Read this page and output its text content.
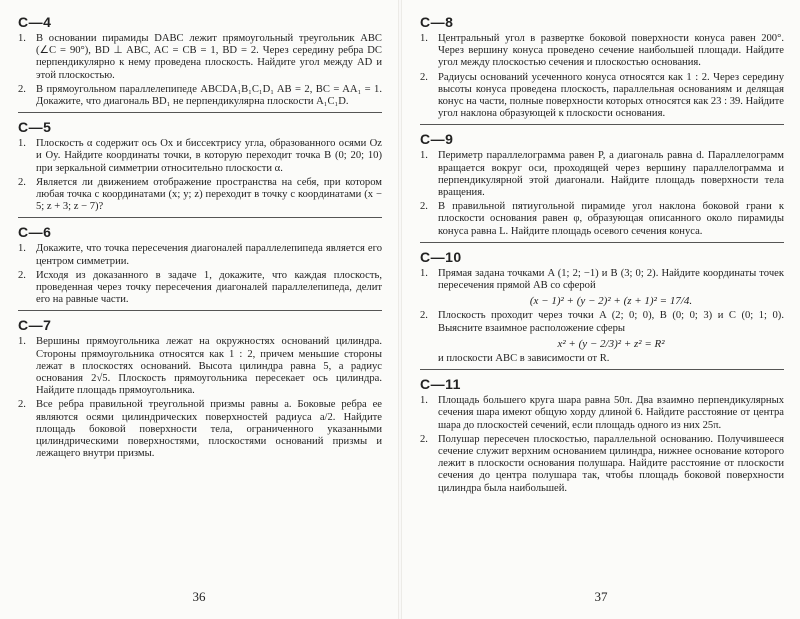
С—4
1. В основании пирамиды DABC лежит прямоугольный треугольник ABC (∠C = 90°), BD ⊥ ABC, AC = CB = 1, BD = 2. Через середину ребра DC перпендикулярно к нему проведена плоскость. Найдите угол между AD и этой плоскостью.
2. В прямоугольном параллелепипеде ABCDA₁B₁C₁D₁ AB = 2, BC = AA₁ = 1. Докажите, что диагональ BD₁ не перпендикулярна плоскости A₁C₁D.
С—5
1. Плоскость α содержит ось Ox и биссектрису угла, образованного осями Oz и Oy. Найдите координаты точки, в которую переходит точка B (0; 20; 10) при зеркальной симметрии относительно плоскости α.
2. Является ли движением отображение пространства на себя, при котором любая точка с координатами (x; y; z) переходит в точку с координатами (x − 5; z + 3; z − 7)?
С—6
1. Докажите, что точка пересечения диагоналей параллелепипеда является его центром симметрии.
2. Исходя из доказанного в задаче 1, докажите, что каждая плоскость, проведенная через точку пересечения диагоналей параллелепипеда, делит его на равные части.
С—7
1. Вершины прямоугольника лежат на окружностях оснований цилиндра. Стороны прямоугольника относятся как 1 : 2, причем меньшие стороны лежат в плоскостях оснований. Высота цилиндра равна 5, а радиус основания 2√5. Плоскость прямоугольника пересекает ось цилиндра. Найдите площадь прямоугольника.
2. Все ребра правильной треугольной призмы равны a. Боковые ребра ее являются осями цилиндрических поверхностей радиуса a/2. Найдите площадь боковой поверхности тела, ограниченного указанными цилиндрическими поверхностями, плоскостями оснований призмы и лежащего внутри призмы.
36
С—8
1. Центральный угол в развертке боковой поверхности конуса равен 200°. Через вершину конуса проведено сечение наибольшей площади. Найдите угол между плоскостью сечения и плоскостью основания.
2. Радиусы оснований усеченного конуса относятся как 1 : 2. Через середину высоты конуса проведена плоскость, параллельная основаниям и делящая конус на части, полные поверхности которых относятся как 23 : 39. Найдите угол наклона образующей к плоскости основания.
С—9
1. Периметр параллелограмма равен P, а диагональ равна d. Параллелограмм вращается вокруг оси, проходящей через вершину параллелограмма и перпендикулярной этой диагонали. Найдите площадь поверхности тела вращения.
2. В правильной пятиугольной пирамиде угол наклона боковой грани к плоскости основания равен φ, образующая описанного около пирамиды конуса равна L. Найдите площадь осевого сечения конуса.
С—10
1. Прямая задана точками A (1; 2; −1) и B (3; 0; 2). Найдите координаты точек пересечения прямой AB со сферой
(x − 1)² + (y − 2)² + (z + 1)² = 17/4.
2. Плоскость проходит через точки A (2; 0; 0), B (0; 0; 3) и C (0; 1; 0). Выясните взаимное расположение сферы
x² + (y − 2/3)² + z² = R²
и плоскости ABC в зависимости от R.
С—11
1. Площадь большего круга шара равна 50π. Два взаимно перпендикулярных сечения шара имеют общую хорду длиной 6. Найдите расстояние от центра шара до плоскостей сечений, если площадь одного из них 25π.
2. Полушар пересечен плоскостью, параллельной основанию. Получившееся сечение служит верхним основанием цилиндра, нижнее основание которого лежит в плоскости основания полушара. Найдите расстояние от плоскости сечения до центра полушара так, чтобы площадь боковой поверхности цилиндра была наибольшей.
37
